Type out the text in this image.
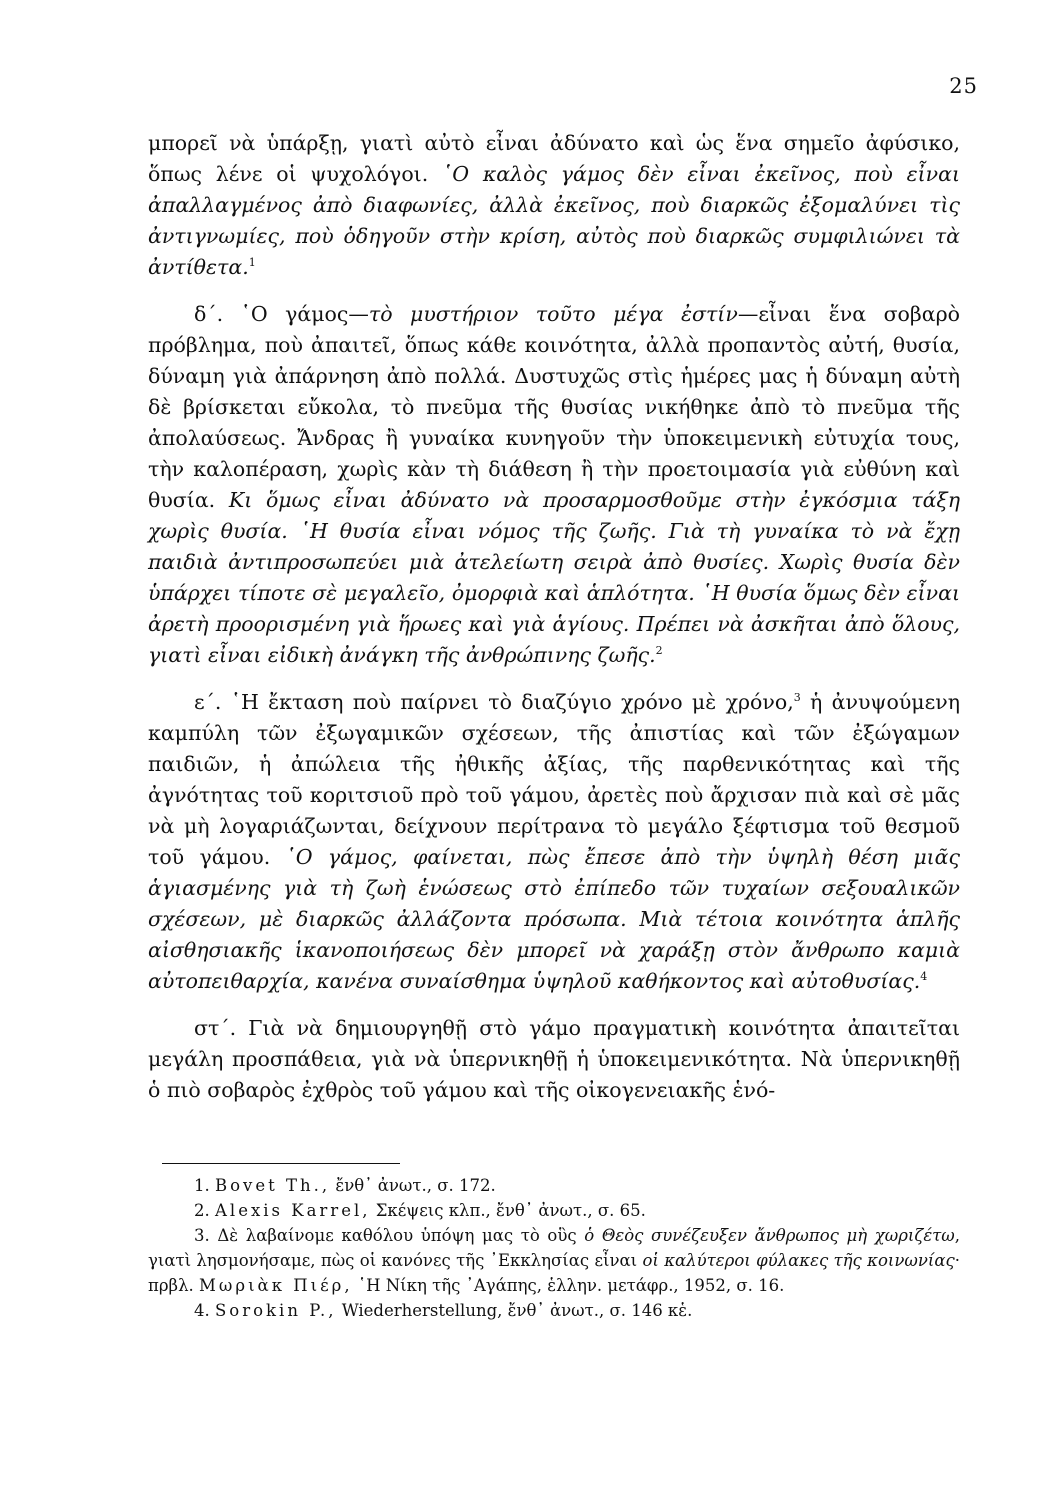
25

μπορεῖ νὰ ὑπάρξῃ, γιατὶ αὐτὸ εἶναι ἀδύνατο καὶ ὡς ἕνα σημεῖο ἀφύσικο, ὅπως λένε οἱ ψυχολόγοι. ῾Ο καλὸς γάμος δὲν εἶναι ἐκεῖνος, ποὺ εἶναι ἀπαλλαγμένος ἀπὸ διαφωνίες, ἀλλὰ ἐκεῖνος, ποὺ διαρκῶς ἐξομαλύνει τὶς ἀντιγνωμίες, ποὺ ὁδηγοῦν στὴν κρίση, αὐτὸς ποὺ διαρκῶς συμφιλιώνει τὰ ἀντίθετα.$^1$

δ΄. ῾Ο γάμος—τὸ μυστήριον τοῦτο μέγα ἐστίν—εἶναι ἕνα σοβαρὸ πρόβλημα, ποὺ ἀπαιτεῖ, ὅπως κάθε κοινότητα, ἀλλὰ προπαντὸς αὐτή, θυσία, δύναμη γιὰ ἀπάρνηση ἀπὸ πολλά. Δυστυχῶς στὶς ἡμέρες μας ἡ δύναμη αὐτὴ δὲ βρίσκεται εὔκολα, τὸ πνεῦμα τῆς θυσίας νικήθηκε ἀπὸ τὸ πνεῦμα τῆς ἀπολαύσεως. Ἄνδρας ἢ γυναίκα κυνηγοῦν τὴν ὑποκειμενικὴ εὐτυχία τους, τὴν καλοπέραση, χωρὶς κὰν τὴ διάθεση ἢ τὴν προετοιμασία γιὰ εὐθύνη καὶ θυσία. Κι ὅμως εἶναι ἀδύνατο νὰ προσαρμοσθοῦμε στὴν ἐγκόσμια τάξη χωρὶς θυσία. ῾Η θυσία εἶναι νόμος τῆς ζωῆς. Γιὰ τὴ γυναίκα τὸ νὰ ἔχῃ παιδιὰ ἀντιπροσωπεύει μιὰ ἀτελείωτη σειρὰ ἀπὸ θυσίες. Χωρὶς θυσία δὲν ὑπάρχει τίποτε σὲ μεγαλεῖο, ὀμορφιὰ καὶ ἁπλότητα. ῾Η θυσία ὅμως δὲν εἶναι ἀρετὴ προορισμένη γιὰ ἥρωες καὶ γιὰ ἁγίους. Πρέπει νὰ ἀσκῆται ἀπὸ ὅλους, γιατὶ εἶναι εἰδικὴ ἀνάγκη τῆς ἀνθρώπινης ζωῆς.$^2$

ε΄. ῾Η ἔκταση ποὺ παίρνει τὸ διαζύγιο χρόνο μὲ χρόνο,$^3$ ἡ ἀνυψούμενη καμπύλη τῶν ἐξωγαμικῶν σχέσεων, τῆς ἀπιστίας καὶ τῶν ἐξώγαμων παιδιῶν, ἡ ἀπώλεια τῆς ἠθικῆς ἀξίας, τῆς παρθενικότητας καὶ τῆς ἀγνότητας τοῦ κοριτσιοῦ πρὸ τοῦ γάμου, ἀρετὲς ποὺ ἄρχισαν πιὰ καὶ σὲ μᾶς νὰ μὴ λογαριάζωνται, δείχνουν περίτρανα τὸ μεγάλο ξέφτισμα τοῦ θεσμοῦ τοῦ γάμου. ῾Ο γάμος, φαίνεται, πὼς ἔπεσε ἀπὸ τὴν ὑψηλὴ θέση μιᾶς ἁγιασμένης γιὰ τὴ ζωὴ ἑνώσεως στὸ ἐπίπεδο τῶν τυχαίων σεξουαλικῶν σχέσεων, μὲ διαρκῶς ἀλλάζοντα πρόσωπα. Μιὰ τέτοια κοινότητα ἁπλῆς αἰσθησιακῆς ἱκανοποιήσεως δὲν μπορεῖ νὰ χαράξῃ στὸν ἄνθρωπο καμιὰ αὐτοπειθαρχία, κανένα συναίσθημα ὑψηλοῦ καθήκοντος καὶ αὐτοθυσίας.$^4$

στ΄. Γιὰ νὰ δημιουργηθῇ στὸ γάμο πραγματικὴ κοινότητα ἀπαιτεῖται μεγάλη προσπάθεια, γιὰ νὰ ὑπερνικηθῇ ἡ ὑποκειμενικότητα. Νὰ ὑπερνικηθῇ ὁ πιὸ σοβαρὸς ἐχθρὸς τοῦ γάμου καὶ τῆς οἰκογενειακῆς ἑνό-

1. Bovet Th., ἔνθ᾽ ἀνωτ., σ. 172.

2. Alexis Karrel, Σκέψεις κλπ., ἔνθ᾽ ἀνωτ., σ. 65.

3. Δὲ λαβαίνομε καθόλου ὑπόψη μας τὸ οὓς ὁ Θεὸς συνέζευξεν ἄνθρωπος μὴ χωριζέτω, γιατὶ λησμονήσαμε, πὼς οἱ κανόνες τῆς ᾿Εκκλησίας εἶναι οἱ καλύτεροι φύλακες τῆς κοινωνίας· πρβλ. Μωριὰκ Πιέρ, ῾Η Νίκη τῆς ᾿Αγάπης, ἑλλην. μετάφρ., 1952, σ. 16.

4. Sorokin P., Wiederherstellung, ἔνθ᾽ ἀνωτ., σ. 146 κἑ.
